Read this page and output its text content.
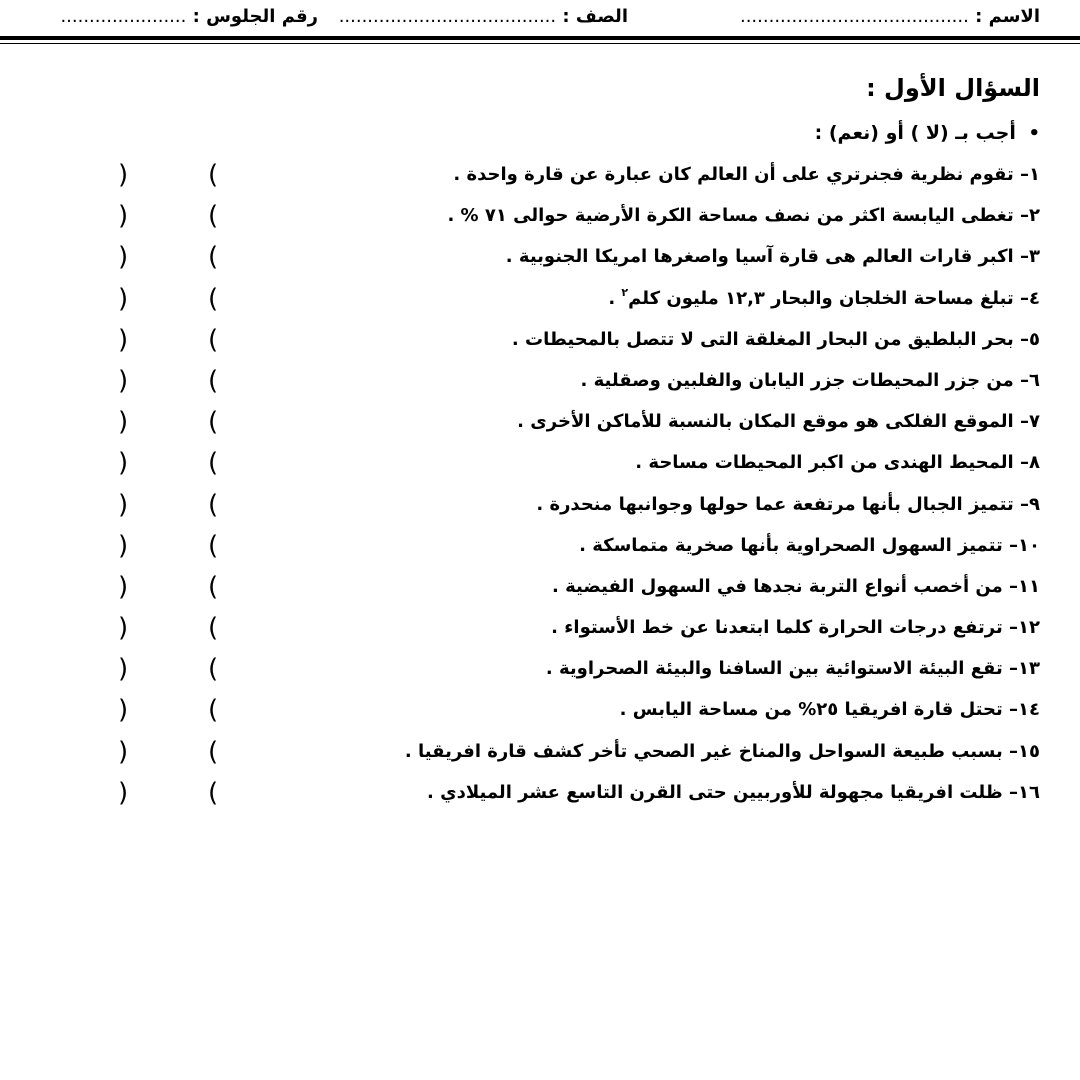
الاسم : ........................................
الصف : ......................................
رقم الجلوس : ......................
السؤال الأول :
• أجب بـ (لا ) أو (نعم) :
١– تقوم نظرية فجنرتري على أن العالم كان عبارة عن قارة واحدة .
)
(
٢– تغطى اليابسة اكثر من نصف مساحة الكرة الأرضية حوالى ٧١ % .
)
(
٣– اكبر قارات العالم هى قارة آسيا واصغرها امريكا الجنوبية .
)
(
٤– تبلغ مساحة الخلجان والبحار ١٢,٣ مليون كلم$^٢$ .
)
(
٥– بحر البلطيق من البحار المغلقة التى لا تتصل بالمحيطات .
)
(
٦– من جزر المحيطات جزر اليابان والفلبين وصقلية .
)
(
٧– الموقع الفلكى هو موقع المكان بالنسبة للأماكن الأخرى .
)
(
٨– المحيط الهندى من اكبر المحيطات مساحة .
)
(
٩– تتميز الجبال بأنها مرتفعة عما حولها وجوانبها منحدرة .
)
(
١٠– تتميز السهول الصحراوية بأنها صخرية متماسكة .
)
(
١١– من أخصب أنواع التربة نجدها في السهول الفيضية .
)
(
١٢– ترتفع درجات الحرارة كلما ابتعدنا عن خط الأستواء .
)
(
١٣– تقع البيئة الاستوائية بين السافنا والبيئة الصحراوية .
)
(
١٤– تحتل قارة افريقيا ٢٥% من مساحة اليابس .
)
(
١٥– بسبب طبيعة السواحل والمناخ غير الصحي تأخر كشف قارة افريقيا .
)
(
١٦– ظلت افريقيا مجهولة للأوربيين حتى القرن التاسع عشر الميلادي .
)
(
